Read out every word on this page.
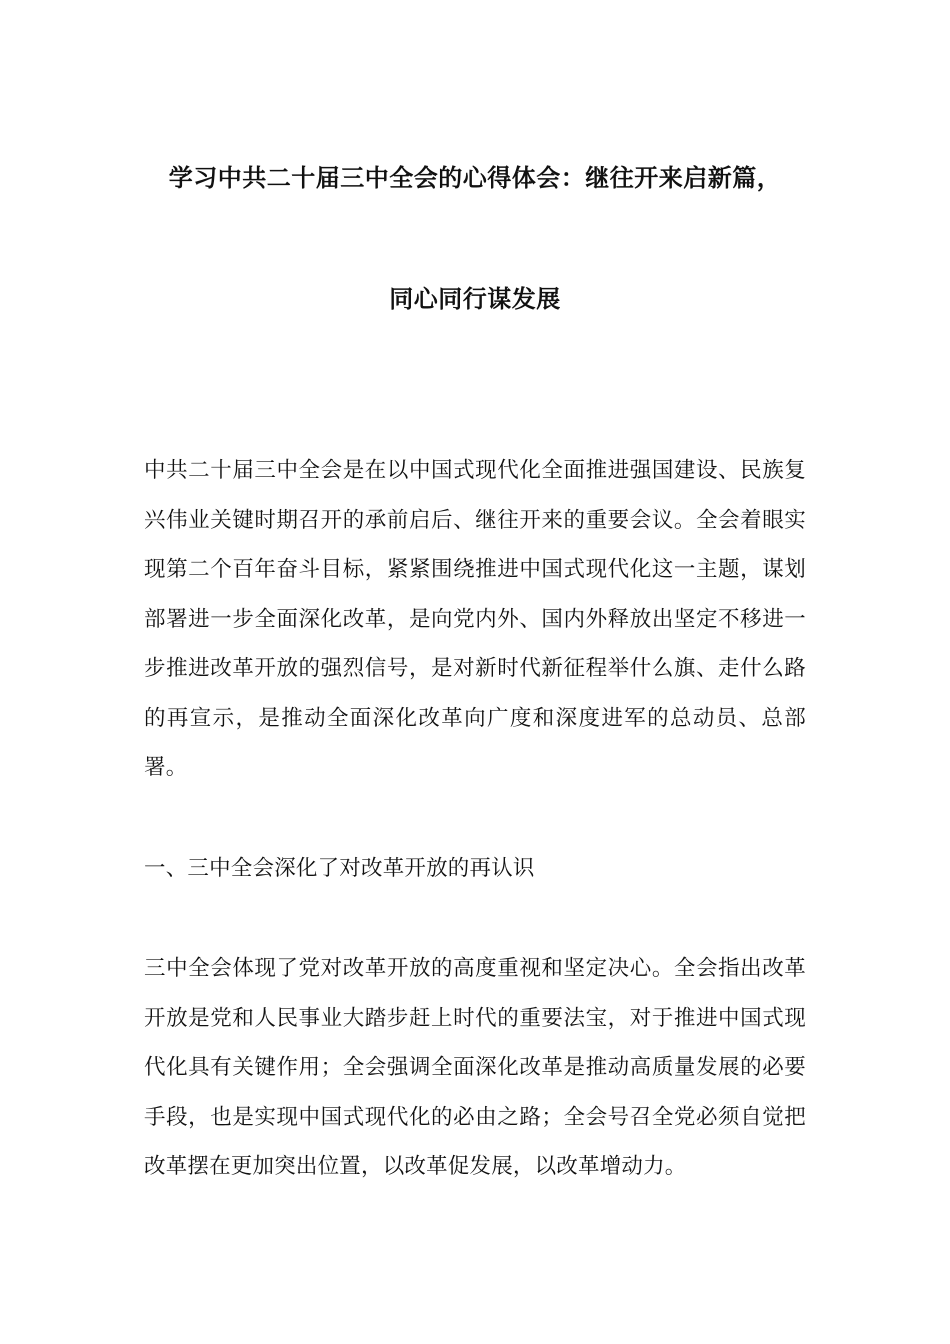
学习中共二十届三中全会的心得体会：继往开来启新篇，
同心同行谋发展

中共二十届三中全会是在以中国式现代化全面推进强国建设、民族复兴伟业关键时期召开的承前启后、继往开来的重要会议。全会着眼实现第二个百年奋斗目标，紧紧围绕推进中国式现代化这一主题，谋划部署进一步全面深化改革，是向党内外、国内外释放出坚定不移进一步推进改革开放的强烈信号，是对新时代新征程举什么旗、走什么路的再宣示，是推动全面深化改革向广度和深度进军的总动员、总部署。

一、三中全会深化了对改革开放的再认识

三中全会体现了党对改革开放的高度重视和坚定决心。全会指出改革开放是党和人民事业大踏步赶上时代的重要法宝，对于推进中国式现代化具有关键作用；全会强调全面深化改革是推动高质量发展的必要手段，也是实现中国式现代化的必由之路；全会号召全党必须自觉把改革摆在更加突出位置，以改革促发展，以改革增动力。
